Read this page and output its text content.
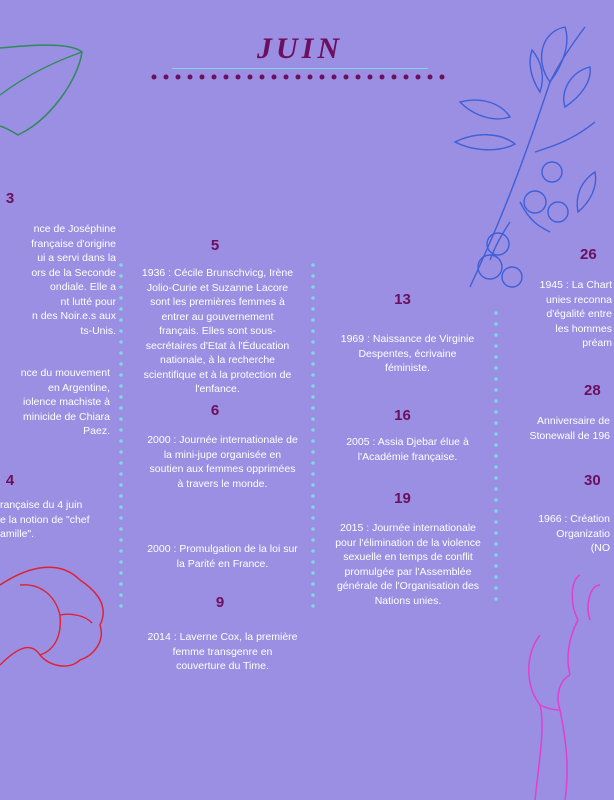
JUIN
3
nce de Joséphine
française d'origine
ui a servi dans la
ors de la Seconde
ondiale. Elle a
nt lutté pour
n des Noir.e.s aux
ts-Unis.
nce du mouvement
en Argentine,
iolence machiste à
minicide de Chiara
Paez.
4
rançaise du 4 juin
e la notion de "chef
amille".
5
1936 : Cécile Brunschvicg, Irène
Jolio-Curie et Suzanne Lacore
sont les premières femmes à
entrer au gouvernement
français. Elles sont sous-
secrétaires d'Etat à l'Éducation
nationale, à la recherche
scientifique et à la protection de
l'enfance.
6
2000 : Journée internationale de
la mini-jupe organisée en
soutien aux femmes opprimées
à travers le monde.
2000 : Promulgation de la loi sur
la Parité en France.
9
2014 : Laverne Cox, la première
femme transgenre en
couverture du Time.
13
1969 : Naissance de Virginie
Despentes, écrivaine
féministe.
16
2005 : Assia Djebar élue à
l'Académie française.
19
2015 : Journée internationale
pour l'élimination de la violence
sexuelle en temps de conflit
promulgée par l'Assemblée
générale de l'Organisation des
Nations unies.
26
1945 : La Chart
unies reconna
d'égalité entre
les hommes
préam
28
Anniversaire de
Stonewall de 196
30
1966 : Création
Organizatio
(NO
